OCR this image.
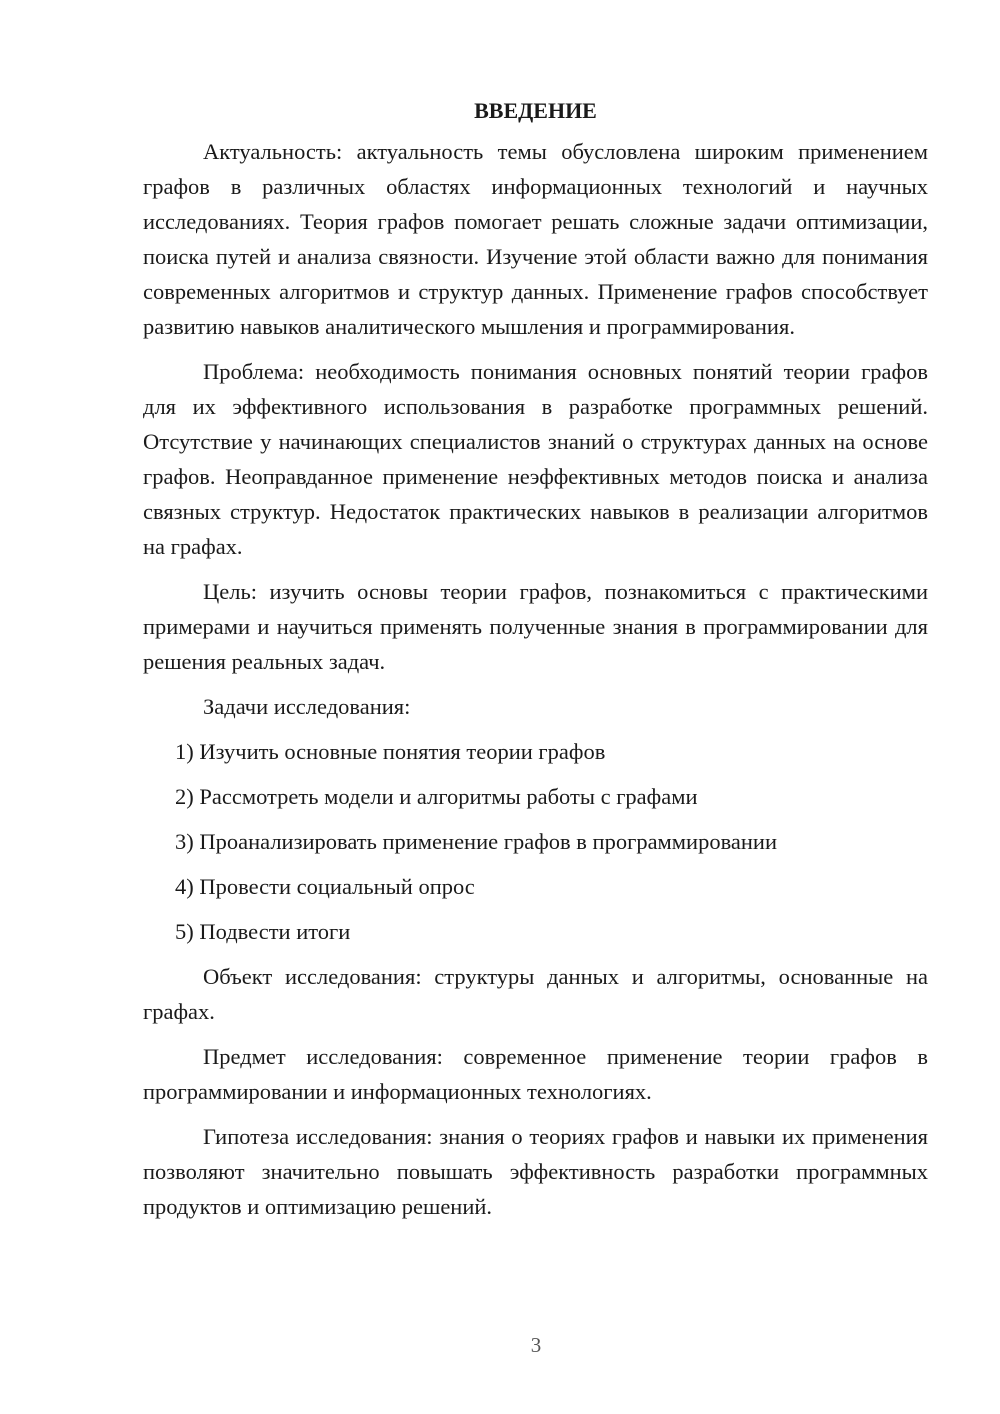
ВВЕДЕНИЕ

Актуальность: актуальность темы обусловлена широким применением графов в различных областях информационных технологий и научных исследованиях. Теория графов помогает решать сложные задачи оптимизации, поиска путей и анализа связности. Изучение этой области важно для понимания современных алгоритмов и структур данных. Применение графов способствует развитию навыков аналитического мышления и программирования.

Проблема: необходимость понимания основных понятий теории графов для их эффективного использования в разработке программных решений. Отсутствие у начинающих специалистов знаний о структурах данных на основе графов. Неоправданное применение неэффективных методов поиска и анализа связных структур. Недостаток практических навыков в реализации алгоритмов на графах.

Цель: изучить основы теории графов, познакомиться с практическими примерами и научиться применять полученные знания в программировании для решения реальных задач.

Задачи исследования:

1) Изучить основные понятия теории графов
2) Рассмотреть модели и алгоритмы работы с графами
3) Проанализировать применение графов в программировании
4) Провести социальный опрос
5) Подвести итоги

Объект исследования: структуры данных и алгоритмы, основанные на графах.

Предмет исследования: современное применение теории графов в программировании и информационных технологиях.

Гипотеза исследования: знания о теориях графов и навыки их применения позволяют значительно повышать эффективность разработки программных продуктов и оптимизацию решений.

3
